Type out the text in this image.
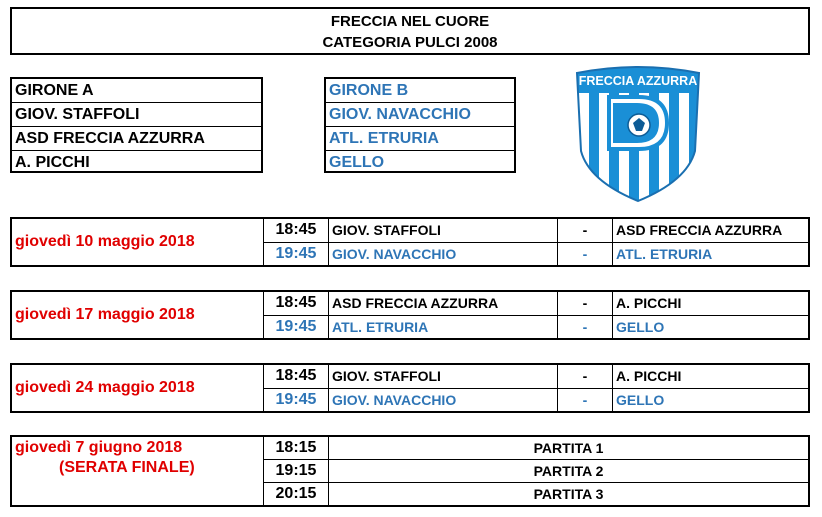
FRECCIA NEL CUORE
CATEGORIA PULCI 2008
GIRONE A
GIOV. STAFFOLI
ASD FRECCIA AZZURRA
A. PICCHI
GIRONE B
GIOV. NAVACCHIO
ATL. ETRURIA
GELLO
FRECCIA AZZURRA
giovedì 10 maggio 2018	18:45	GIOV. STAFFOLI	-	ASD FRECCIA AZZURRA
	19:45	GIOV. NAVACCHIO	-	ATL. ETRURIA
giovedì 17 maggio 2018	18:45	ASD FRECCIA AZZURRA	-	A. PICCHI
	19:45	ATL. ETRURIA	-	GELLO
giovedì 24 maggio 2018	18:45	GIOV. STAFFOLI	-	A. PICCHI
	19:45	GIOV. NAVACCHIO	-	GELLO
giovedì 7 giugno 2018
(SERATA FINALE)	18:15	PARTITA 1
	19:15	PARTITA 2
	20:15	PARTITA 3
